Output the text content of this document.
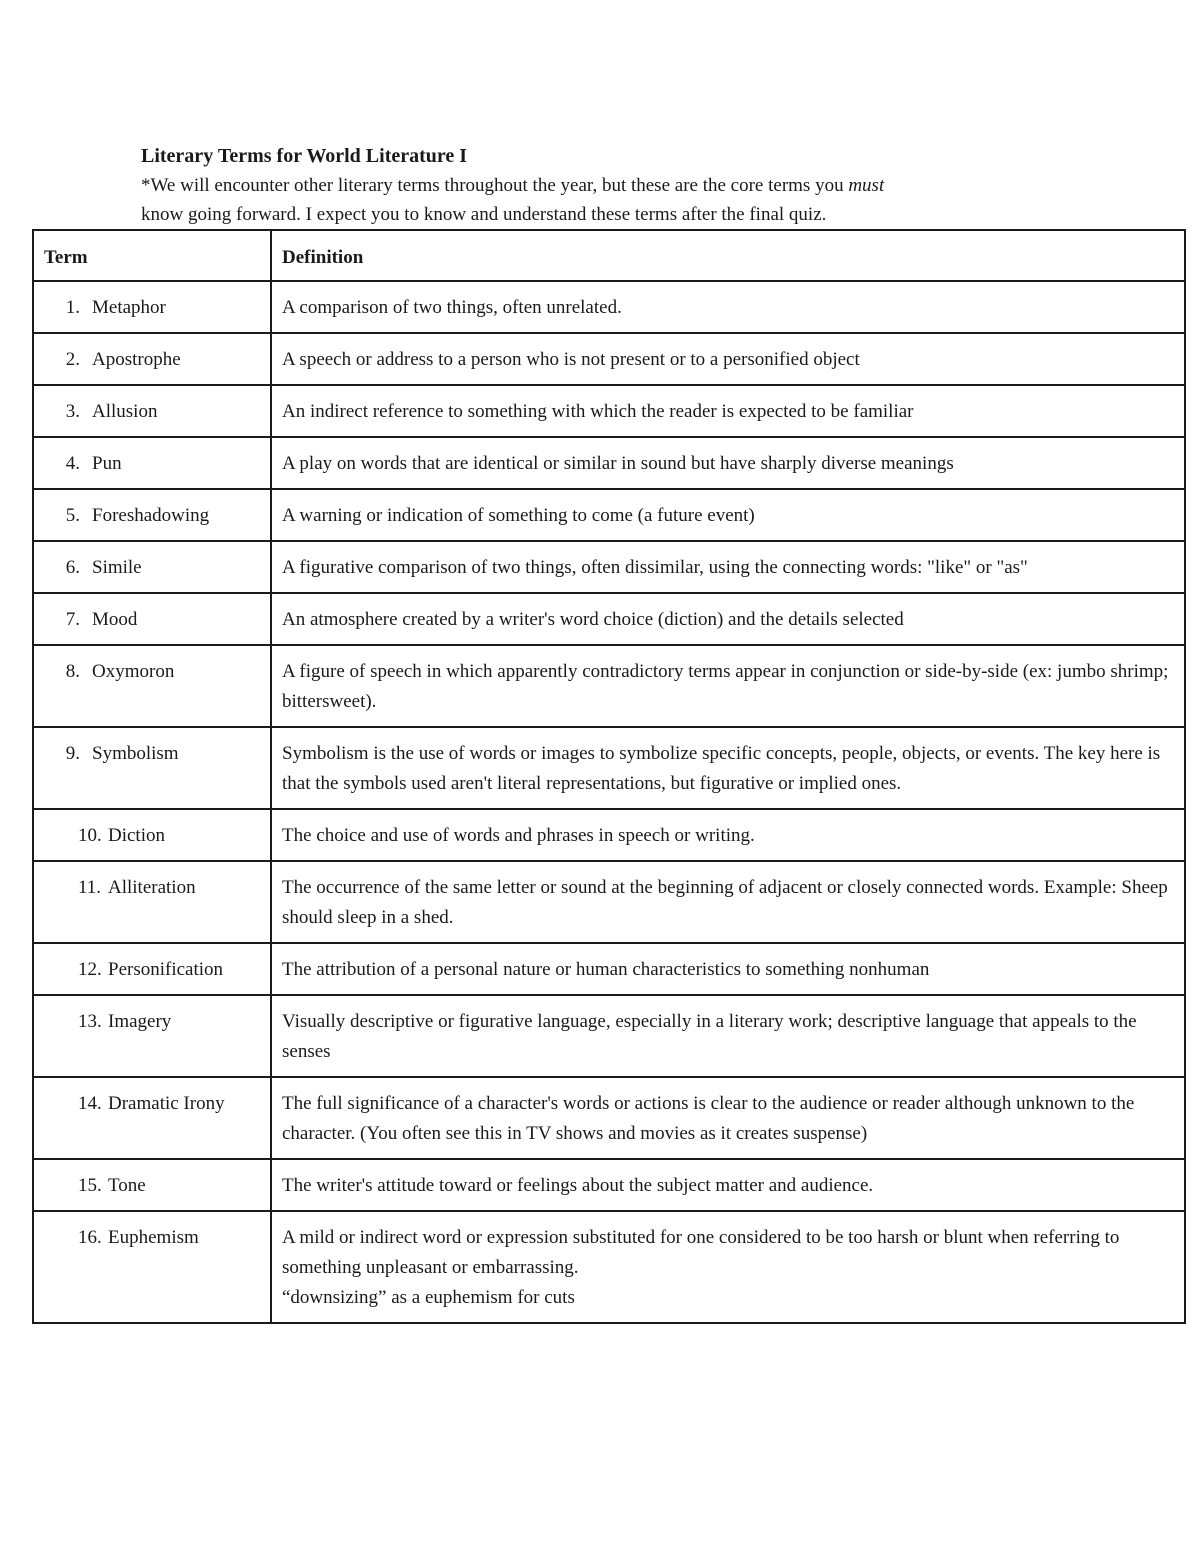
Literary Terms for World Literature I

*We will encounter other literary terms throughout the year, but these are the core terms you must
know going forward. I expect you to know and understand these terms after the final quiz.

Term	Definition
1. Metaphor	A comparison of two things, often unrelated.

2. Apostrophe	A speech or address to a person who is not present or to a personified object

3. Allusion	An indirect reference to something with which the reader is expected to be familiar

4. Pun	A play on words that are identical or similar in sound but have sharply diverse meanings

5. Foreshadowing	A warning or indication of something to come (a future event)

6. Simile	A figurative comparison of two things, often dissimilar, using the connecting words: "like" or "as"

7. Mood	An atmosphere created by a writer's word choice (diction) and the details selected

8. Oxymoron	A figure of speech in which apparently contradictory terms appear in conjunction or side-by-side (ex: jumbo shrimp; bittersweet).

9. Symbolism	Symbolism is the use of words or images to symbolize specific concepts, people, objects, or events. The key here is that the symbols used aren't literal representations, but figurative or implied ones.

10. Diction	The choice and use of words and phrases in speech or writing.

11. Alliteration	The occurrence of the same letter or sound at the beginning of adjacent or closely connected words. Example: Sheep should sleep in a shed.

12. Personification	The attribution of a personal nature or human characteristics to something nonhuman

13. Imagery	Visually descriptive or figurative language, especially in a literary work; descriptive language that appeals to the senses

14. Dramatic Irony	The full significance of a character's words or actions is clear to the audience or reader although unknown to the character. (You often see this in TV shows and movies as it creates suspense)

15. Tone	The writer's attitude toward or feelings about the subject matter and audience.

16. Euphemism	A mild or indirect word or expression substituted for one considered to be too harsh or blunt when referring to something unpleasant or embarrassing.
“downsizing” as a euphemism for cuts
